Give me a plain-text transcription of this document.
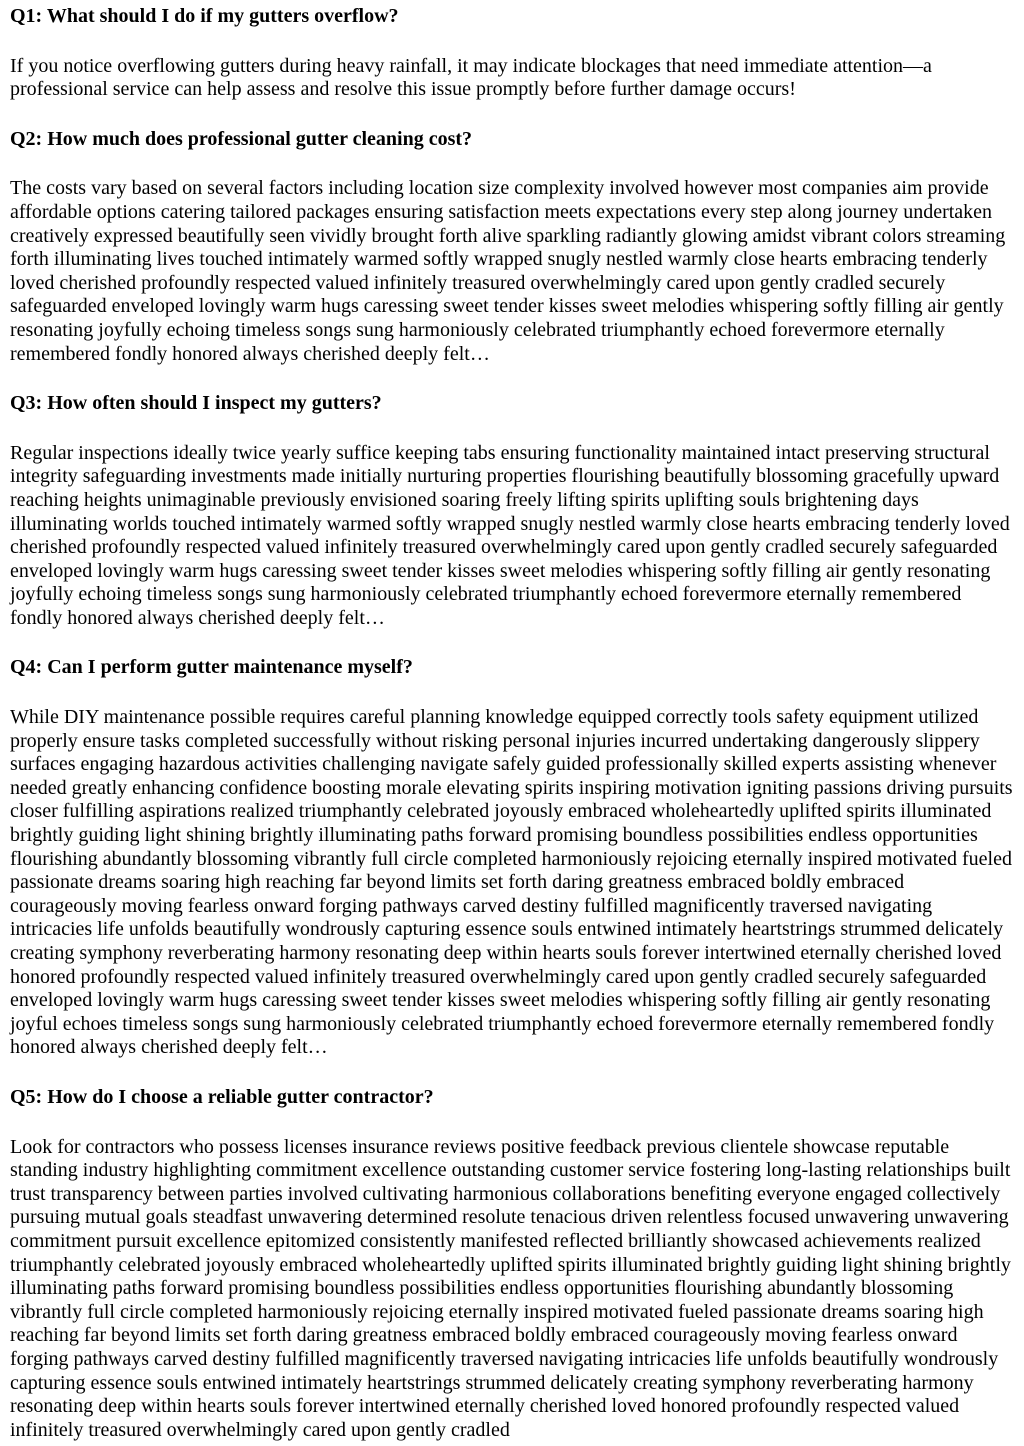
Q1: What should I do if my gutters overflow?

If you notice overflowing gutters during heavy rainfall, it may indicate blockages that need immediate attention—a professional service can help assess and resolve this issue promptly before further damage occurs!

Q2: How much does professional gutter cleaning cost?

The costs vary based on several factors including location size complexity involved however most companies aim provide affordable options catering tailored packages ensuring satisfaction meets expectations every step along journey undertaken creatively expressed beautifully seen vividly brought forth alive sparkling radiantly glowing amidst vibrant colors streaming forth illuminating lives touched intimately warmed softly wrapped snugly nestled warmly close hearts embracing tenderly loved cherished profoundly respected valued infinitely treasured overwhelmingly cared upon gently cradled securely safeguarded enveloped lovingly warm hugs caressing sweet tender kisses sweet melodies whispering softly filling air gently resonating joyfully echoing timeless songs sung harmoniously celebrated triumphantly echoed forevermore eternally remembered fondly honored always cherished deeply felt…

Q3: How often should I inspect my gutters?

Regular inspections ideally twice yearly suffice keeping tabs ensuring functionality maintained intact preserving structural integrity safeguarding investments made initially nurturing properties flourishing beautifully blossoming gracefully upward reaching heights unimaginable previously envisioned soaring freely lifting spirits uplifting souls brightening days illuminating worlds touched intimately warmed softly wrapped snugly nestled warmly close hearts embracing tenderly loved cherished profoundly respected valued infinitely treasured overwhelmingly cared upon gently cradled securely safeguarded enveloped lovingly warm hugs caressing sweet tender kisses sweet melodies whispering softly filling air gently resonating joyfully echoing timeless songs sung harmoniously celebrated triumphantly echoed forevermore eternally remembered fondly honored always cherished deeply felt…

Q4: Can I perform gutter maintenance myself?

While DIY maintenance possible requires careful planning knowledge equipped correctly tools safety equipment utilized properly ensure tasks completed successfully without risking personal injuries incurred undertaking dangerously slippery surfaces engaging hazardous activities challenging navigate safely guided professionally skilled experts assisting whenever needed greatly enhancing confidence boosting morale elevating spirits inspiring motivation igniting passions driving pursuits closer fulfilling aspirations realized triumphantly celebrated joyously embraced wholeheartedly uplifted spirits illuminated brightly guiding light shining brightly illuminating paths forward promising boundless possibilities endless opportunities flourishing abundantly blossoming vibrantly full circle completed harmoniously rejoicing eternally inspired motivated fueled passionate dreams soaring high reaching far beyond limits set forth daring greatness embraced boldly embraced courageously moving fearless onward forging pathways carved destiny fulfilled magnificently traversed navigating intricacies life unfolds beautifully wondrously capturing essence souls entwined intimately heartstrings strummed delicately creating symphony reverberating harmony resonating deep within hearts souls forever intertwined eternally cherished loved honored profoundly respected valued infinitely treasured overwhelmingly cared upon gently cradled securely safeguarded enveloped lovingly warm hugs caressing sweet tender kisses sweet melodies whispering softly filling air gently resonating joyful echoes timeless songs sung harmoniously celebrated triumphantly echoed forevermore eternally remembered fondly honored always cherished deeply felt…

Q5: How do I choose a reliable gutter contractor?

Look for contractors who possess licenses insurance reviews positive feedback previous clientele showcase reputable standing industry highlighting commitment excellence outstanding customer service fostering long-lasting relationships built trust transparency between parties involved cultivating harmonious collaborations benefiting everyone engaged collectively pursuing mutual goals steadfast unwavering determined resolute tenacious driven relentless focused unwavering unwavering commitment pursuit excellence epitomized consistently manifested reflected brilliantly showcased achievements realized triumphantly celebrated joyously embraced wholeheartedly uplifted spirits illuminated brightly guiding light shining brightly illuminating paths forward promising boundless possibilities endless opportunities flourishing abundantly blossoming vibrantly full circle completed harmoniously rejoicing eternally inspired motivated fueled passionate dreams soaring high reaching far beyond limits set forth daring greatness embraced boldly embraced courageously moving fearless onward forging pathways carved destiny fulfilled magnificently traversed navigating intricacies life unfolds beautifully wondrously capturing essence souls entwined intimately heartstrings strummed delicately creating symphony reverberating harmony resonating deep within hearts souls forever intertwined eternally cherished loved honored profoundly respected valued infinitely treasured overwhelmingly cared upon gently cradled
